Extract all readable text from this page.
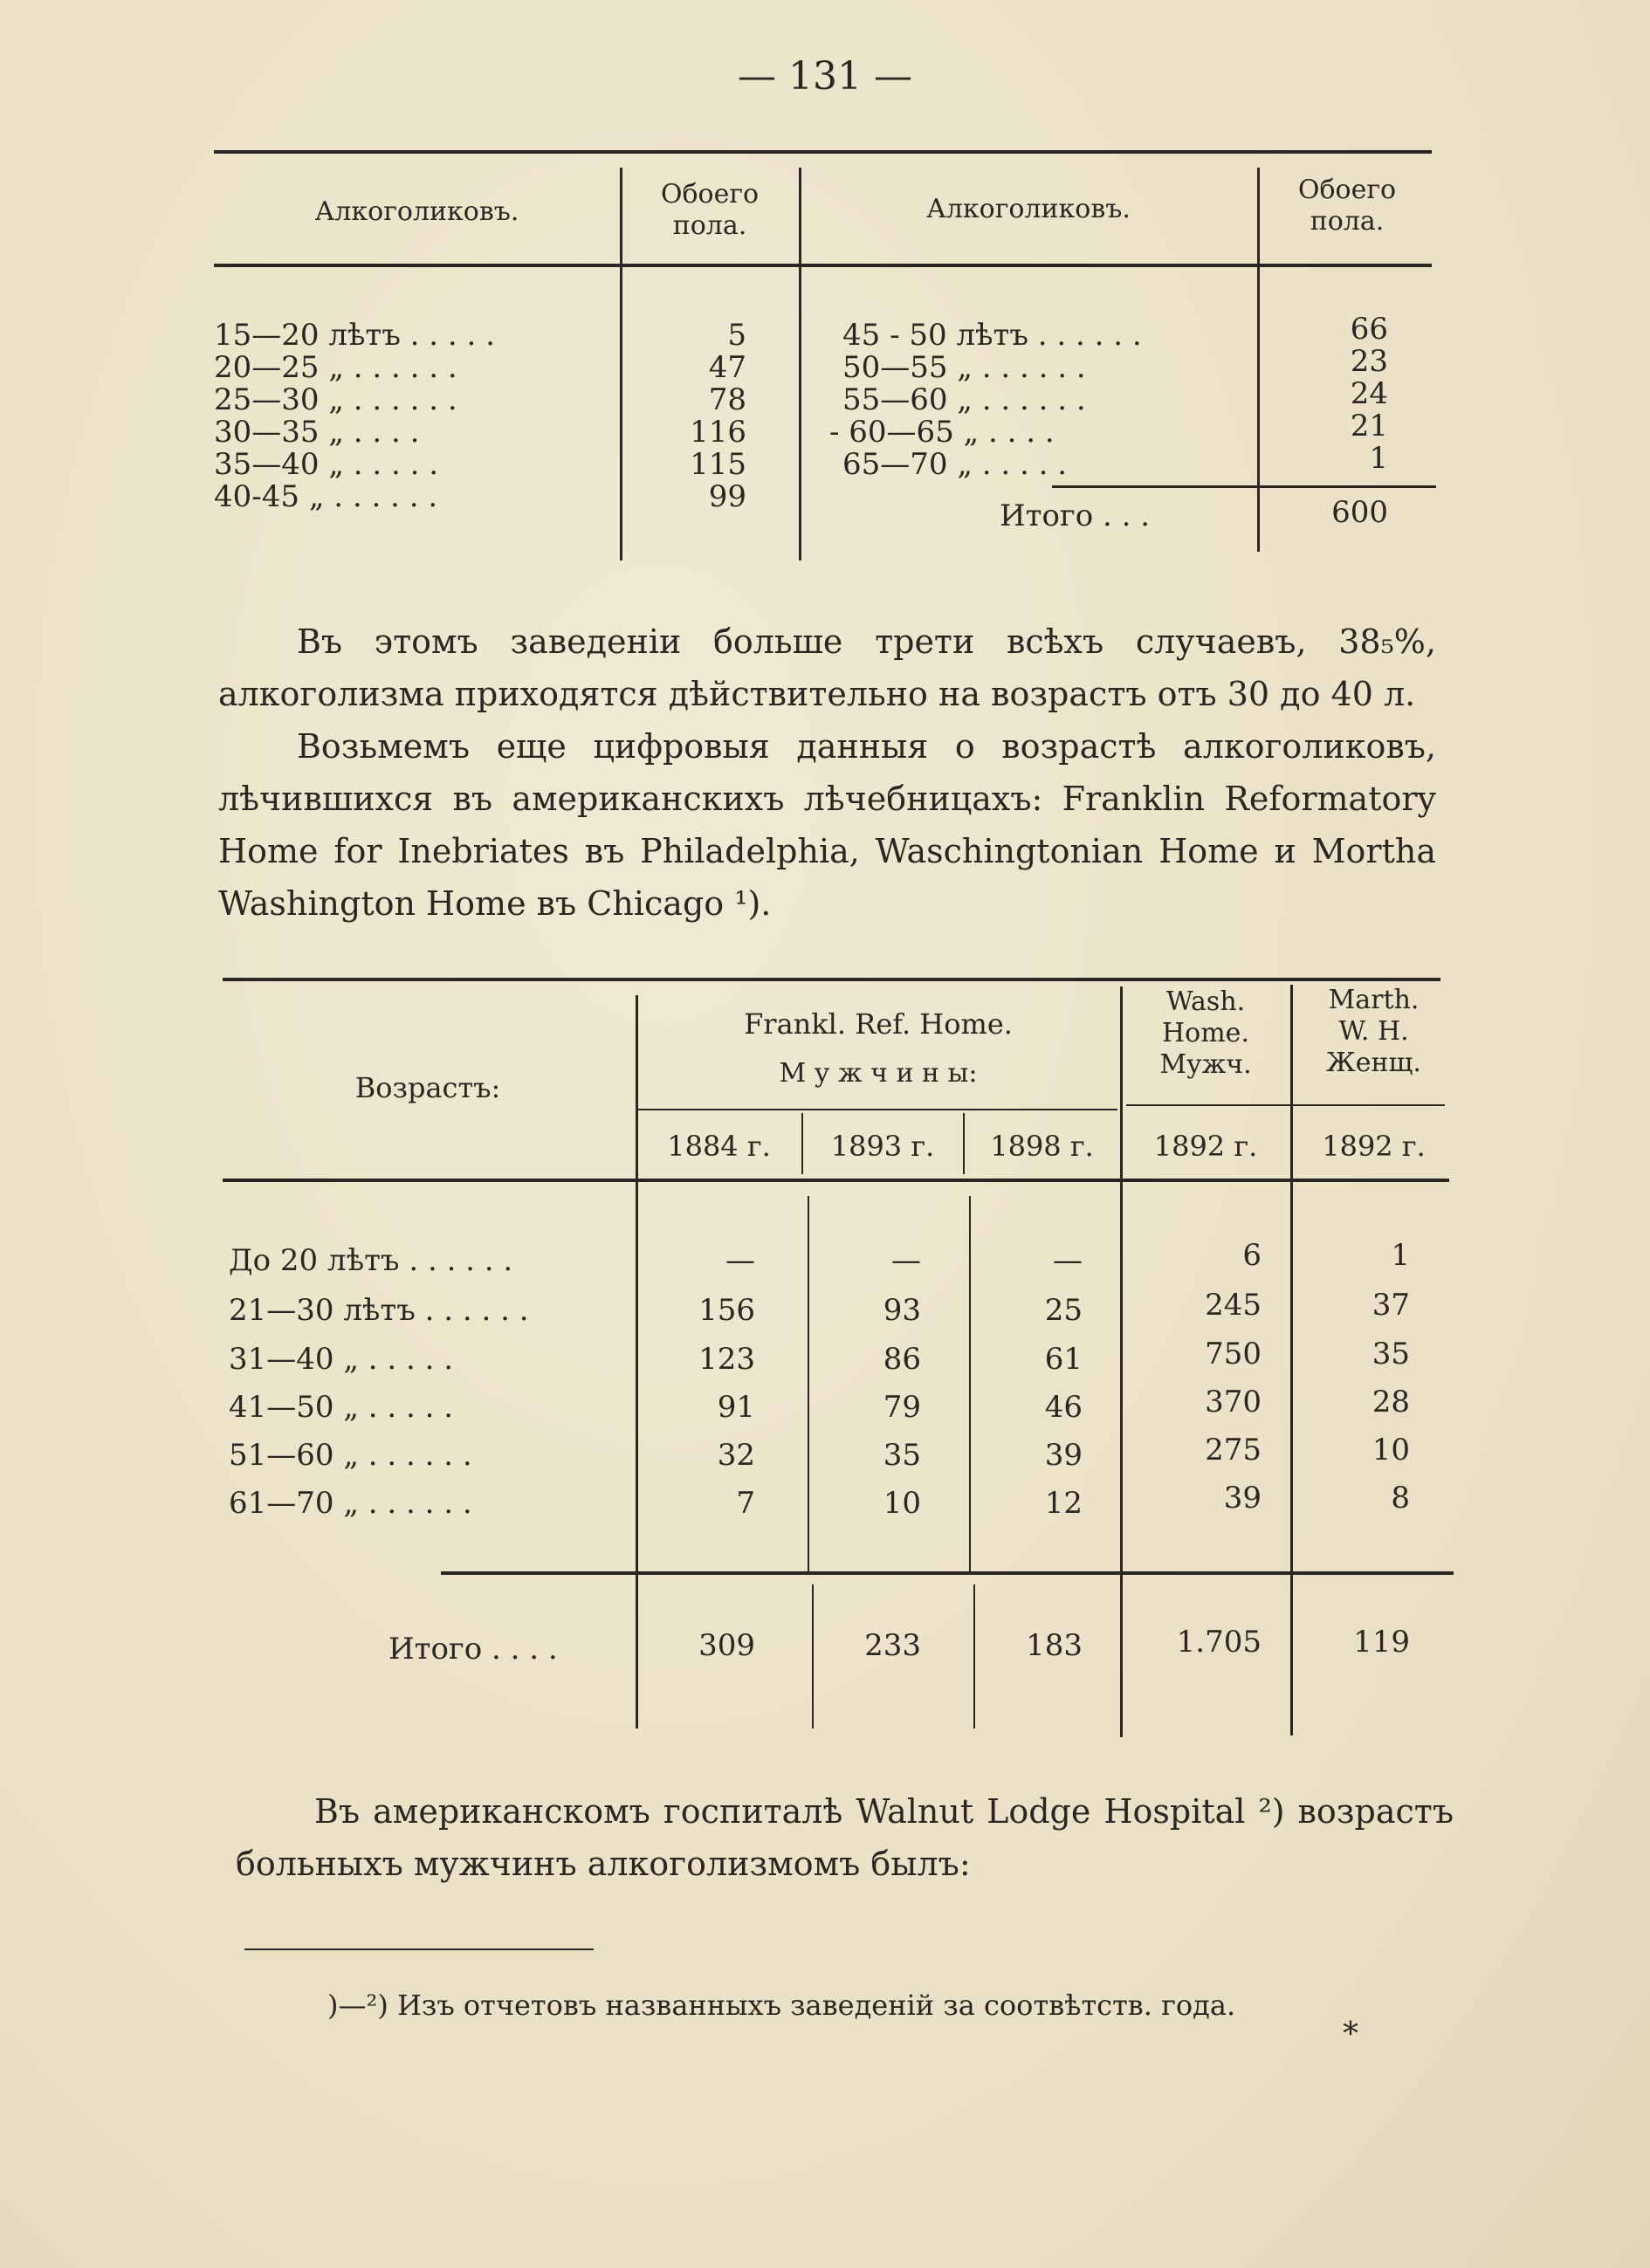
— 131 —
Алкоголиковъ.
Обоего пола.
Алкоголиковъ.
Обоего пола.
15—20 лѣтъ . . . . .	5
20—25 „ . . . . . .	47
25—30 „ . . . . . .	78
30—35 „ . . . .	116
35—40 „ . . . . .	115
40-45 „ . . . . . .	99
45 - 50 лѣтъ . . . . . .	66
50—55 „ . . . . . .	23
55—60 „ . . . . . .	24
- 60—65 „ . . . .	21
65—70 „ . . . . .	1
Итого . . .	600
Въ этомъ заведенiи больше трети всѣхъ случаевъ, 38₅%, алкоголизма приходятся дѣйствительно на возрастъ отъ 30 до 40 л.
Возьмемъ еще цифровыя данныя о возрастѣ алкоголиковъ, лѣчившихся въ американскихъ лѣчебницахъ: Franklin Reformatory Home for Inebriates въ Philadelphia, Waschingtonian Home и Mortha Washington Home въ Chicago ¹).
Возрастъ:
Frankl. Ref. Home.
М у ж ч и н ы:
Wash.
Home.
Мужч.
Marth.
W. H.
Женщ.
1884 г.	1893 г.	1898 г.	1892 г.	1892 г.
До 20 лѣтъ . . . . . .	—	—	—	6	1
21—30 лѣтъ . . . . . .	156	93	25	245	37
31—40 „ . . . . .	123	86	61	750	35
41—50 „ . . . . .	91	79	46	370	28
51—60 „ . . . . . .	32	35	39	275	10
61—70 „ . . . . . .	7	10	12	39	8
Итого . . . .	309	233	183	1.705	119
Въ американскомъ госпиталѣ Walnut Lodge Hospital ²) возрастъ больныхъ мужчинъ алкоголизмомъ былъ:
)—²) Изъ отчетовъ названныхъ заведенiй за соотвѣтств. года.
*
